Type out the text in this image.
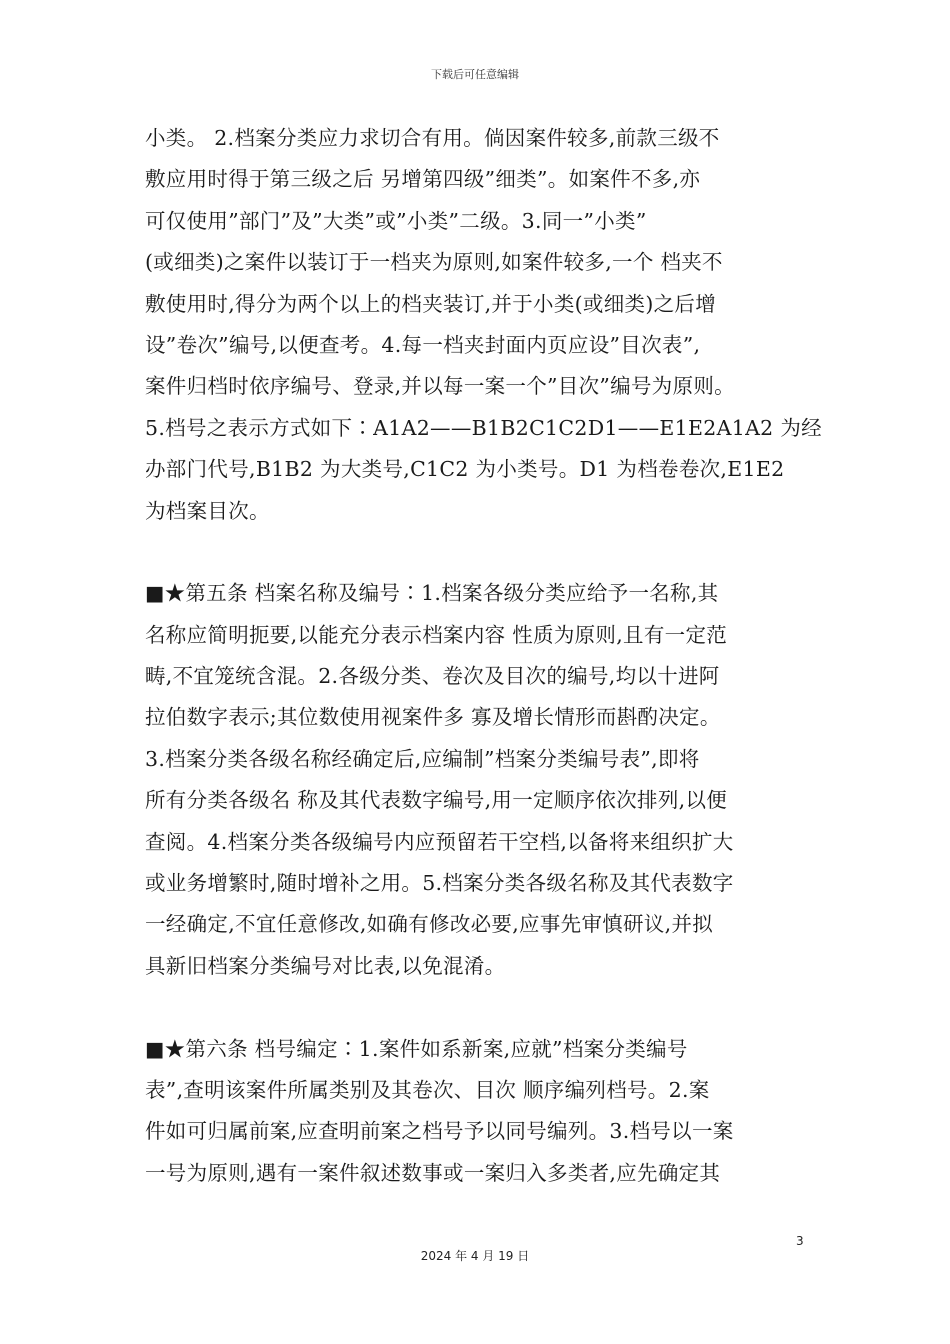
下载后可任意编辑
小类。 2.档案分类应力求切合有用。倘因案件较多,前款三级不
敷应用时得于第三级之后 另增第四级”细类”。如案件不多,亦
可仅使用”部门”及”大类”或”小类”二级。3.同一”小类”
(或细类)之案件以装订于一档夹为原则,如案件较多,一个 档夹不
敷使用时,得分为两个以上的档夹装订,并于小类(或细类)之后增
设”卷次”编号,以便查考。4.每一档夹封面内页应设”目次表”,
案件归档时依序编号、登录,并以每一案一个”目次”编号为原则。
5.档号之表示方式如下∶A1A2——B1B2C1C2D1——E1E2A1A2 为经
办部门代号,B1B2 为大类号,C1C2 为小类号。D1 为档卷卷次,E1E2
为档案目次。
■★第五条 档案名称及编号∶1.档案各级分类应给予一名称,其
名称应简明扼要,以能充分表示档案内容 性质为原则,且有一定范
畴,不宜笼统含混。2.各级分类、卷次及目次的编号,均以十进阿
拉伯数字表示;其位数使用视案件多 寡及增长情形而斟酌决定。
3.档案分类各级名称经确定后,应编制”档案分类编号表”,即将
所有分类各级名 称及其代表数字编号,用一定顺序依次排列,以便
查阅。4.档案分类各级编号内应预留若干空档,以备将来组织扩大
或业务增繁时,随时增补之用。5.档案分类各级名称及其代表数字
一经确定,不宜任意修改,如确有修改必要,应事先审慎研议,并拟
具新旧档案分类编号对比表,以免混淆。
■★第六条 档号编定∶1.案件如系新案,应就”档案分类编号
表”,查明该案件所属类别及其卷次、目次 顺序编列档号。2.案
件如可归属前案,应查明前案之档号予以同号编列。3.档号以一案
一号为原则,遇有一案件叙述数事或一案归入多类者,应先确定其
3
2024 年 4 月 19 日
